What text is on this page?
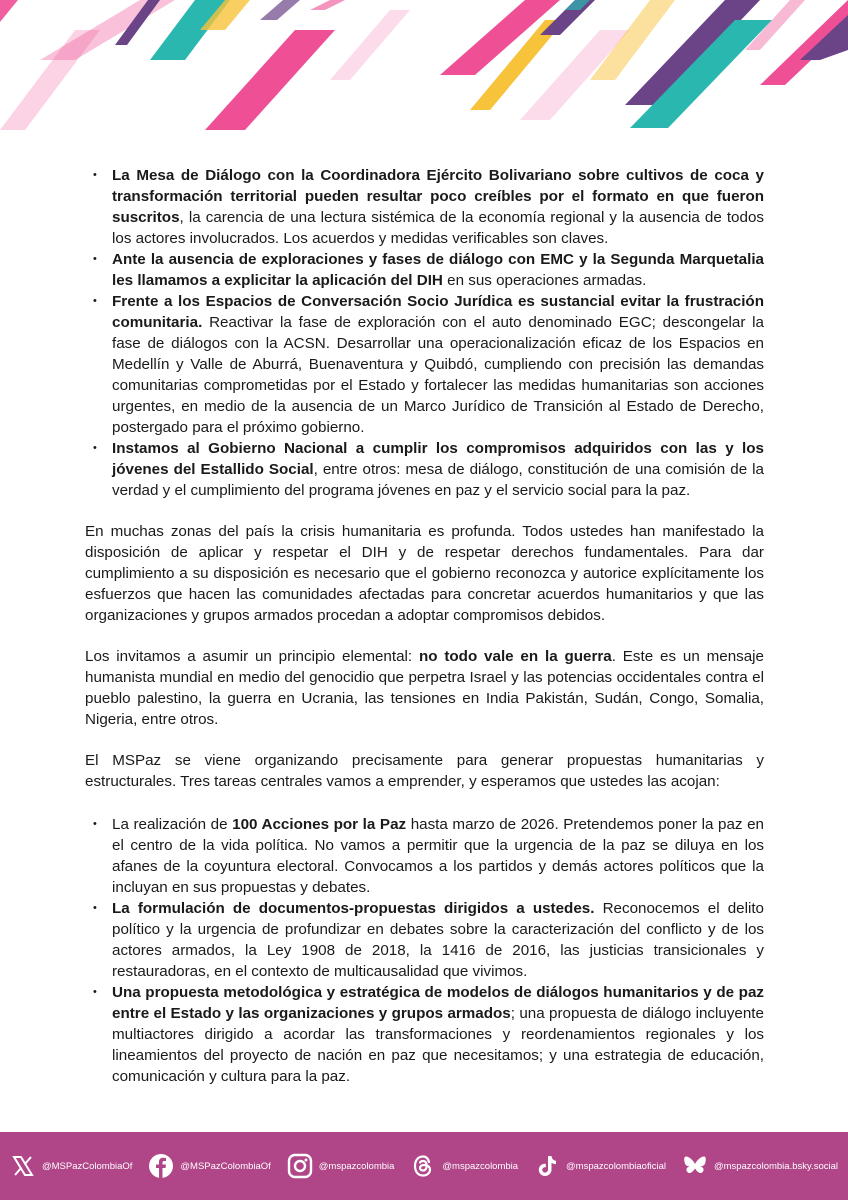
• La Mesa de Diálogo con la Coordinadora Ejército Bolivariano sobre cultivos de coca y transformación territorial pueden resultar poco creíbles por el formato en que fueron suscritos, la carencia de una lectura sistémica de la economía regional y la ausencia de todos los actores involucrados. Los acuerdos y medidas verificables son claves.
• Ante la ausencia de exploraciones y fases de diálogo con EMC y la Segunda Marquetalia les llamamos a explicitar la aplicación del DIH en sus operaciones armadas.
• Frente a los Espacios de Conversación Socio Jurídica es sustancial evitar la frustración comunitaria. Reactivar la fase de exploración con el auto denominado EGC; descongelar la fase de diálogos con la ACSN. Desarrollar una operacionalización eficaz de los Espacios en Medellín y Valle de Aburrá, Buenaventura y Quibdó, cumpliendo con precisión las demandas comunitarias comprometidas por el Estado y fortalecer las medidas humanitarias son acciones urgentes, en medio de la ausencia de un Marco Jurídico de Transición al Estado de Derecho, postergado para el próximo gobierno.
• Instamos al Gobierno Nacional a cumplir los compromisos adquiridos con las y los jóvenes del Estallido Social, entre otros: mesa de diálogo, constitución de una comisión de la verdad y el cumplimiento del programa jóvenes en paz y el servicio social para la paz.

En muchas zonas del país la crisis humanitaria es profunda. Todos ustedes han manifestado la disposición de aplicar y respetar el DIH y de respetar derechos fundamentales. Para dar cumplimiento a su disposición es necesario que el gobierno reconozca y autorice explícitamente los esfuerzos que hacen las comunidades afectadas para concretar acuerdos humanitarios y que las organizaciones y grupos armados procedan a adoptar compromisos debidos.

Los invitamos a asumir un principio elemental: no todo vale en la guerra. Este es un mensaje humanista mundial en medio del genocidio que perpetra Israel y las potencias occidentales contra el pueblo palestino, la guerra en Ucrania, las tensiones en India Pakistán, Sudán, Congo, Somalia, Nigeria, entre otros.

El MSPaz se viene organizando precisamente para generar propuestas humanitarias y estructurales. Tres tareas centrales vamos a emprender, y esperamos que ustedes las acojan:

• La realización de 100 Acciones por la Paz hasta marzo de 2026. Pretendemos poner la paz en el centro de la vida política. No vamos a permitir que la urgencia de la paz se diluya en los afanes de la coyuntura electoral. Convocamos a los partidos y demás actores políticos que la incluyan en sus propuestas y debates.
• La formulación de documentos-propuestas dirigidos a ustedes. Reconocemos el delito político y la urgencia de profundizar en debates sobre la caracterización del conflicto y de los actores armados, la Ley 1908 de 2018, la 1416 de 2016, las justicias transicionales y restauradoras, en el contexto de multicausalidad que vivimos.
• Una propuesta metodológica y estratégica de modelos de diálogos humanitarios y de paz entre el Estado y las organizaciones y grupos armados; una propuesta de diálogo incluyente multiactores dirigido a acordar las transformaciones y reordenamientos regionales y los lineamientos del proyecto de nación en paz que necesitamos; y una estrategia de educación, comunicación y cultura para la paz.
@MSPazColombiaOf	@MSPazColombiaOf	@mspazcolombia	@mspazcolombia	@mspazcolombiaoficial	@mspazcolombia.bsky.social
